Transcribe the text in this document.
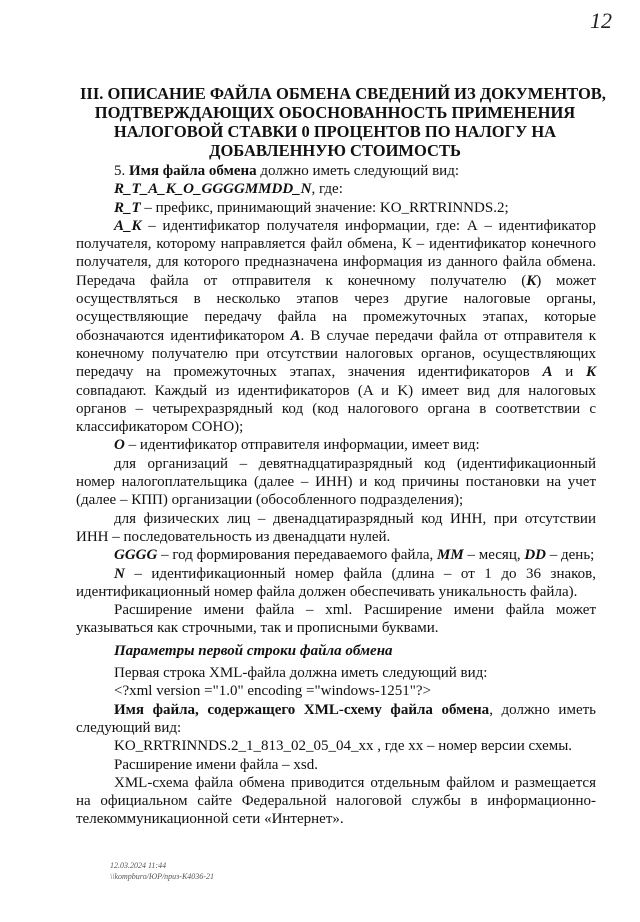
12
III. ОПИСАНИЕ ФАЙЛА ОБМЕНА СВЕДЕНИЙ ИЗ ДОКУМЕНТОВ,
ПОДТВЕРЖДАЮЩИХ ОБОСНОВАННОСТЬ ПРИМЕНЕНИЯ
НАЛОГОВОЙ СТАВКИ 0 ПРОЦЕНТОВ ПО НАЛОГУ НА
ДОБАВЛЕННУЮ СТОИМОСТЬ

5. Имя файла обмена должно иметь следующий вид:

R_T_A_K_O_GGGGMMDD_N, где:

R_T – префикс, принимающий значение: KO_RRTRINNDS.2;

A_K – идентификатор получателя информации, где: А – идентификатор получателя, которому направляется файл обмена, К – идентификатор конечного получателя, для которого предназначена информация из данного файла обмена. Передача файла от отправителя к конечному получателю (K) может осуществляться в несколько этапов через другие налоговые органы, осуществляющие передачу файла на промежуточных этапах, которые обозначаются идентификатором A. В случае передачи файла от отправителя к конечному получателю при отсутствии налоговых органов, осуществляющих передачу на промежуточных этапах, значения идентификаторов A и K совпадают. Каждый из идентификаторов (A и K) имеет вид для налоговых органов – четырехразрядный код (код налогового органа в соответствии с классификатором СОНО);

O – идентификатор отправителя информации, имеет вид:

для организаций – девятнадцатиразрядный код (идентификационный номер налогоплательщика (далее – ИНН) и код причины постановки на учет (далее – КПП) организации (обособленного подразделения);

для физических лиц – двенадцатиразрядный код ИНН, при отсутствии ИНН – последовательность из двенадцати нулей.

GGGG – год формирования передаваемого файла, MM – месяц, DD – день;

N – идентификационный номер файла (длина – от 1 до 36 знаков, идентификационный номер файла должен обеспечивать уникальность файла).

Расширение имени файла – xml. Расширение имени файла может указываться как строчными, так и прописными буквами.

Параметры первой строки файла обмена

Первая строка XML-файла должна иметь следующий вид:

<?xml version ="1.0" encoding ="windows-1251"?>

Имя файла, содержащего XML-схему файла обмена, должно иметь следующий вид:

KO_RRTRINNDS.2_1_813_02_05_04_xx , где хх – номер версии схемы.

Расширение имени файла – xsd.

XML-схема файла обмена приводится отдельным файлом и размещается на официальном сайте Федеральной налоговой службы в информационно-телекоммуникационной сети «Интернет».

12.03.2024 11:44
\\kompburo/ЮР/приз-К4036-21
